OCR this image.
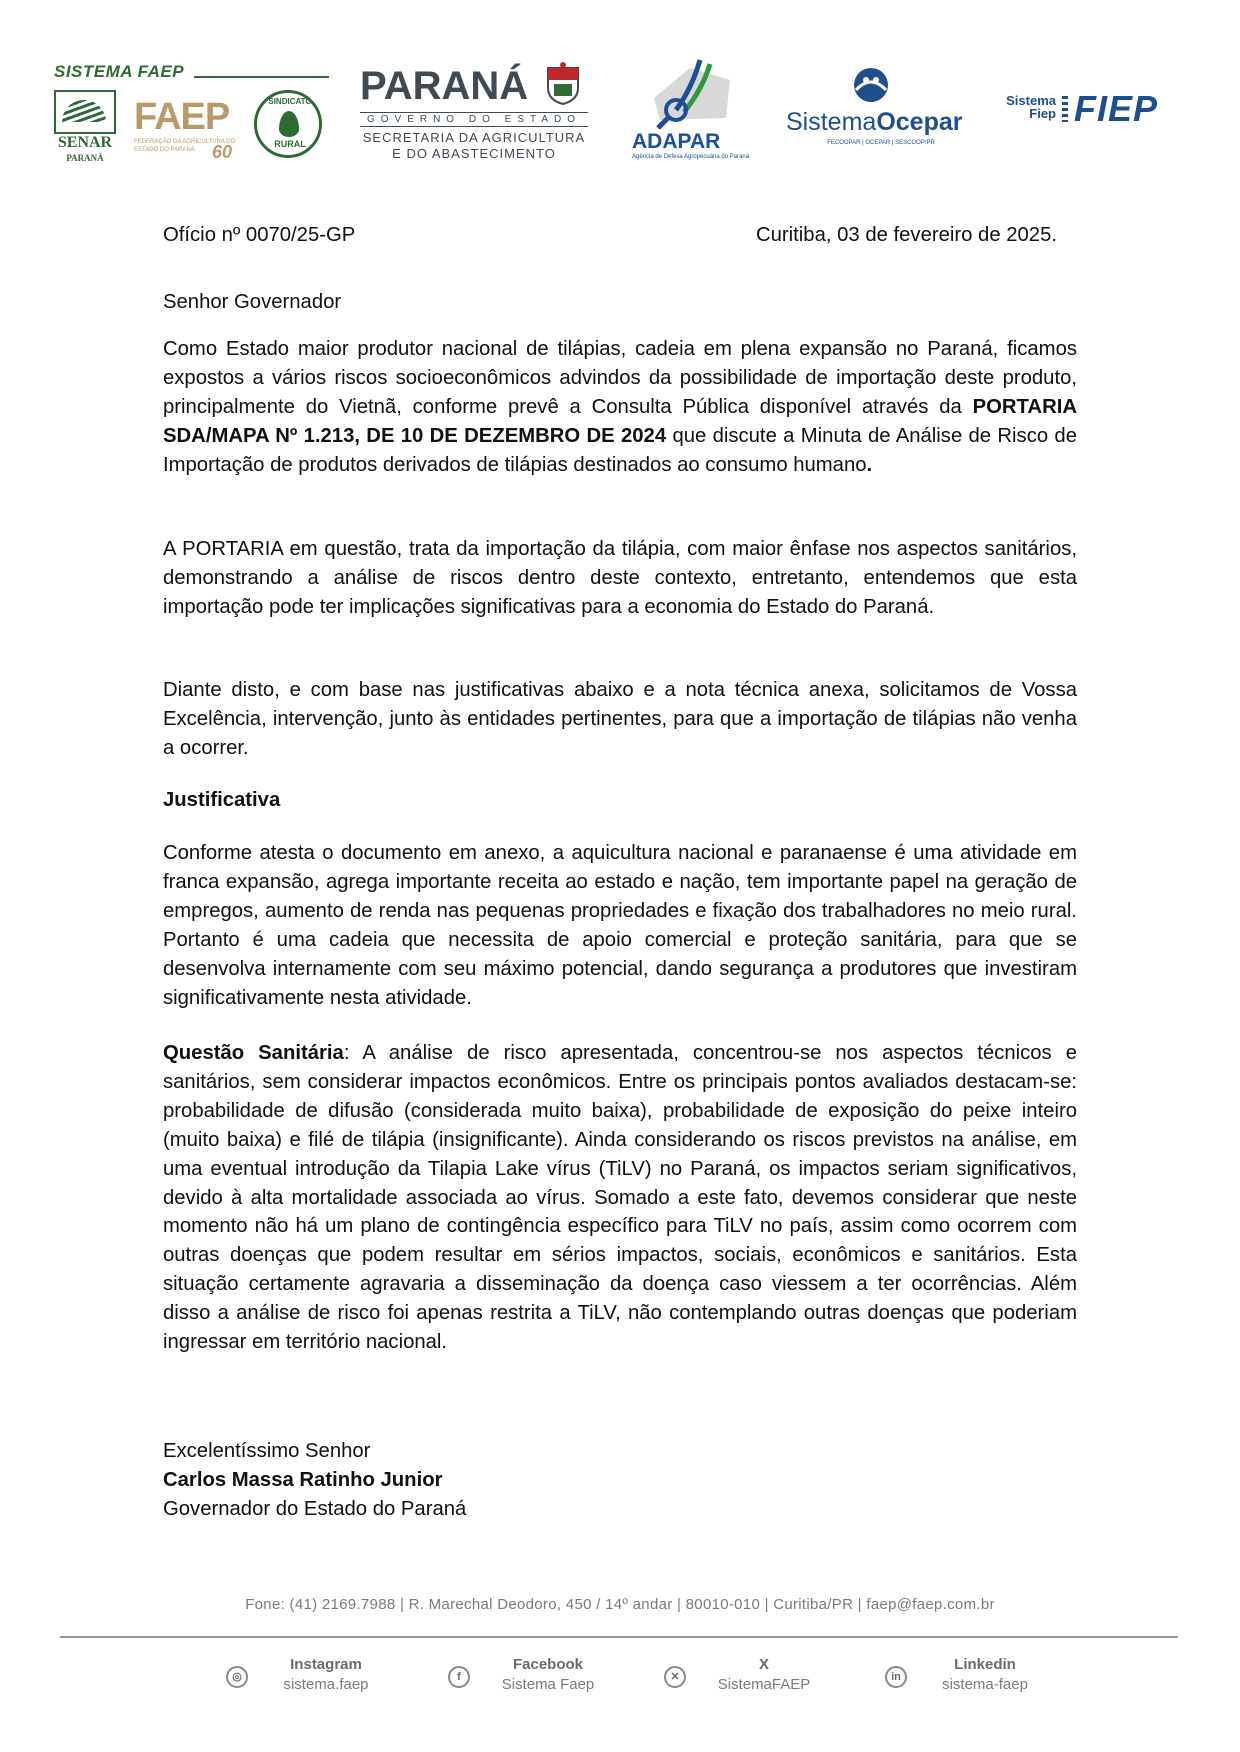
SISTEMA FAEP
SENAR
PARANÁ
FAEP
FEDERAÇÃO DA AGRICULTURA DO ESTADO DO PARANÁ 60
SINDICATO
RURAL
PARANÁ
GOVERNO DO ESTADO
SECRETARIA DA AGRICULTURA
E DO ABASTECIMENTO
ADAPAR
Agência de Defesa Agropecuária do Paraná
SistemaOcepar
FECOOPAR | OCEPAR | SESCOOP/PR
Sistema
Fiep FIEP
Ofício nº 0070/25-GP	Curitiba, 03 de fevereiro de 2025.
Senhor Governador

Como Estado maior produtor nacional de tilápias, cadeia em plena expansão no Paraná, ficamos expostos a vários riscos socioeconômicos advindos da possibilidade de importação deste produto, principalmente do Vietnã, conforme prevê a Consulta Pública disponível através da PORTARIA SDA/MAPA Nº 1.213, DE 10 DE DEZEMBRO DE 2024 que discute a Minuta de Análise de Risco de Importação de produtos derivados de tilápias destinados ao consumo humano.

A PORTARIA em questão, trata da importação da tilápia, com maior ênfase nos aspectos sanitários, demonstrando a análise de riscos dentro deste contexto, entretanto, entendemos que esta importação pode ter implicações significativas para a economia do Estado do Paraná.

Diante disto, e com base nas justificativas abaixo e a nota técnica anexa, solicitamos de Vossa Excelência, intervenção, junto às entidades pertinentes, para que a importação de tilápias não venha a ocorrer.

Justificativa

Conforme atesta o documento em anexo, a aquicultura nacional e paranaense é uma atividade em franca expansão, agrega importante receita ao estado e nação, tem importante papel na geração de empregos, aumento de renda nas pequenas propriedades e fixação dos trabalhadores no meio rural. Portanto é uma cadeia que necessita de apoio comercial e proteção sanitária, para que se desenvolva internamente com seu máximo potencial, dando segurança a produtores que investiram significativamente nesta atividade.

Questão Sanitária: A análise de risco apresentada, concentrou-se nos aspectos técnicos e sanitários, sem considerar impactos econômicos. Entre os principais pontos avaliados destacam-se: probabilidade de difusão (considerada muito baixa), probabilidade de exposição do peixe inteiro (muito baixa) e filé de tilápia (insignificante). Ainda considerando os riscos previstos na análise, em uma eventual introdução da Tilapia Lake vírus (TiLV) no Paraná, os impactos seriam significativos, devido à alta mortalidade associada ao vírus. Somado a este fato, devemos considerar que neste momento não há um plano de contingência específico para TiLV no país, assim como ocorrem com outras doenças que podem resultar em sérios impactos, sociais, econômicos e sanitários. Esta situação certamente agravaria a disseminação da doença caso viessem a ter ocorrências. Além disso a análise de risco foi apenas restrita a TiLV, não contemplando outras doenças que poderiam ingressar em território nacional.

Excelentíssimo Senhor
Carlos Massa Ratinho Junior
Governador do Estado do Paraná
Fone: (41) 2169.7988 | R. Marechal Deodoro, 450 / 14º andar | 80010-010 | Curitiba/PR | faep@faep.com.br
◎
Instagram
sistema.faep	f
Facebook
Sistema Faep	✕
X
SistemaFAEP	in
Linkedin
sistema-faep
